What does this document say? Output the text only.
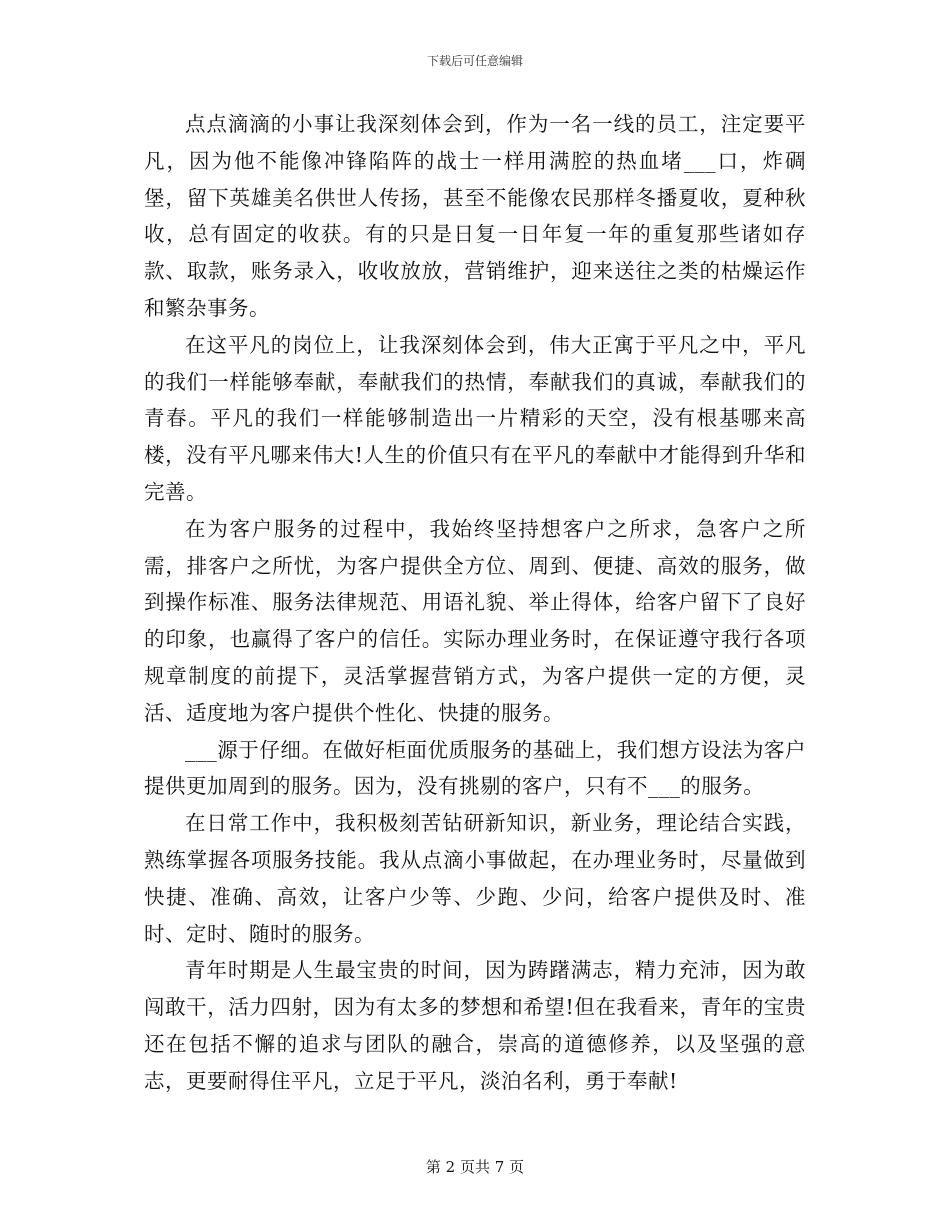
下载后可任意编辑

点点滴滴的小事让我深刻体会到，作为一名一线的员工，注定要平凡，因为他不能像冲锋陷阵的战士一样用满腔的热血堵___口，炸碉堡，留下英雄美名供世人传扬，甚至不能像农民那样冬播夏收，夏种秋收，总有固定的收获。有的只是日复一日年复一年的重复那些诸如存款、取款，账务录入，收收放放，营销维护，迎来送往之类的枯燥运作和繁杂事务。

在这平凡的岗位上，让我深刻体会到，伟大正寓于平凡之中，平凡的我们一样能够奉献，奉献我们的热情，奉献我们的真诚，奉献我们的青春。平凡的我们一样能够制造出一片精彩的天空，没有根基哪来高楼，没有平凡哪来伟大!人生的价值只有在平凡的奉献中才能得到升华和完善。

在为客户服务的过程中，我始终坚持想客户之所求，急客户之所需，排客户之所忧，为客户提供全方位、周到、便捷、高效的服务，做到操作标准、服务法律规范、用语礼貌、举止得体，给客户留下了良好的印象，也赢得了客户的信任。实际办理业务时，在保证遵守我行各项规章制度的前提下，灵活掌握营销方式，为客户提供一定的方便，灵活、适度地为客户提供个性化、快捷的服务。

___源于仔细。在做好柜面优质服务的基础上，我们想方设法为客户提供更加周到的服务。因为，没有挑剔的客户，只有不___的服务。

在日常工作中，我积极刻苦钻研新知识，新业务，理论结合实践，熟练掌握各项服务技能。我从点滴小事做起，在办理业务时，尽量做到快捷、准确、高效，让客户少等、少跑、少问，给客户提供及时、准时、定时、随时的服务。

青年时期是人生最宝贵的时间，因为踌躇满志，精力充沛，因为敢闯敢干，活力四射，因为有太多的梦想和希望!但在我看来，青年的宝贵还在包括不懈的追求与团队的融合，崇高的道德修养，以及坚强的意志，更要耐得住平凡，立足于平凡，淡泊名利，勇于奉献!

第 2 页共 7 页
